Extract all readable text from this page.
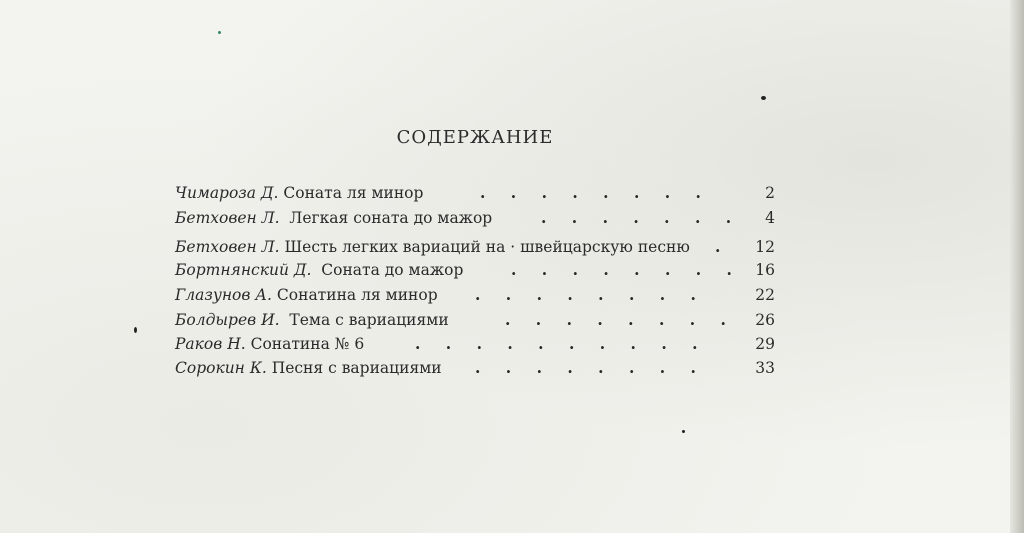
СОДЕРЖАНИЕ
Чимароза Д. Соната ля минор	. . . . . . . .	2
Бетховен Л. Легкая соната до мажор	. . . . . . . 4
Бетховен Л. Шесть легких вариаций на · швейцарскую песню . 12
Бортнянский Д. Соната до мажор	. . . . . . . . 16
Глазунов А. Сонатина ля минор . . . . . . . .	22
Болдырев И. Тема с вариациями	. . . . . . . . 26
Раков Н. Сонатина № 6	. . . . . . . . . .	29
Сорокин К. Песня с вариациями . . . . . . . .	33
